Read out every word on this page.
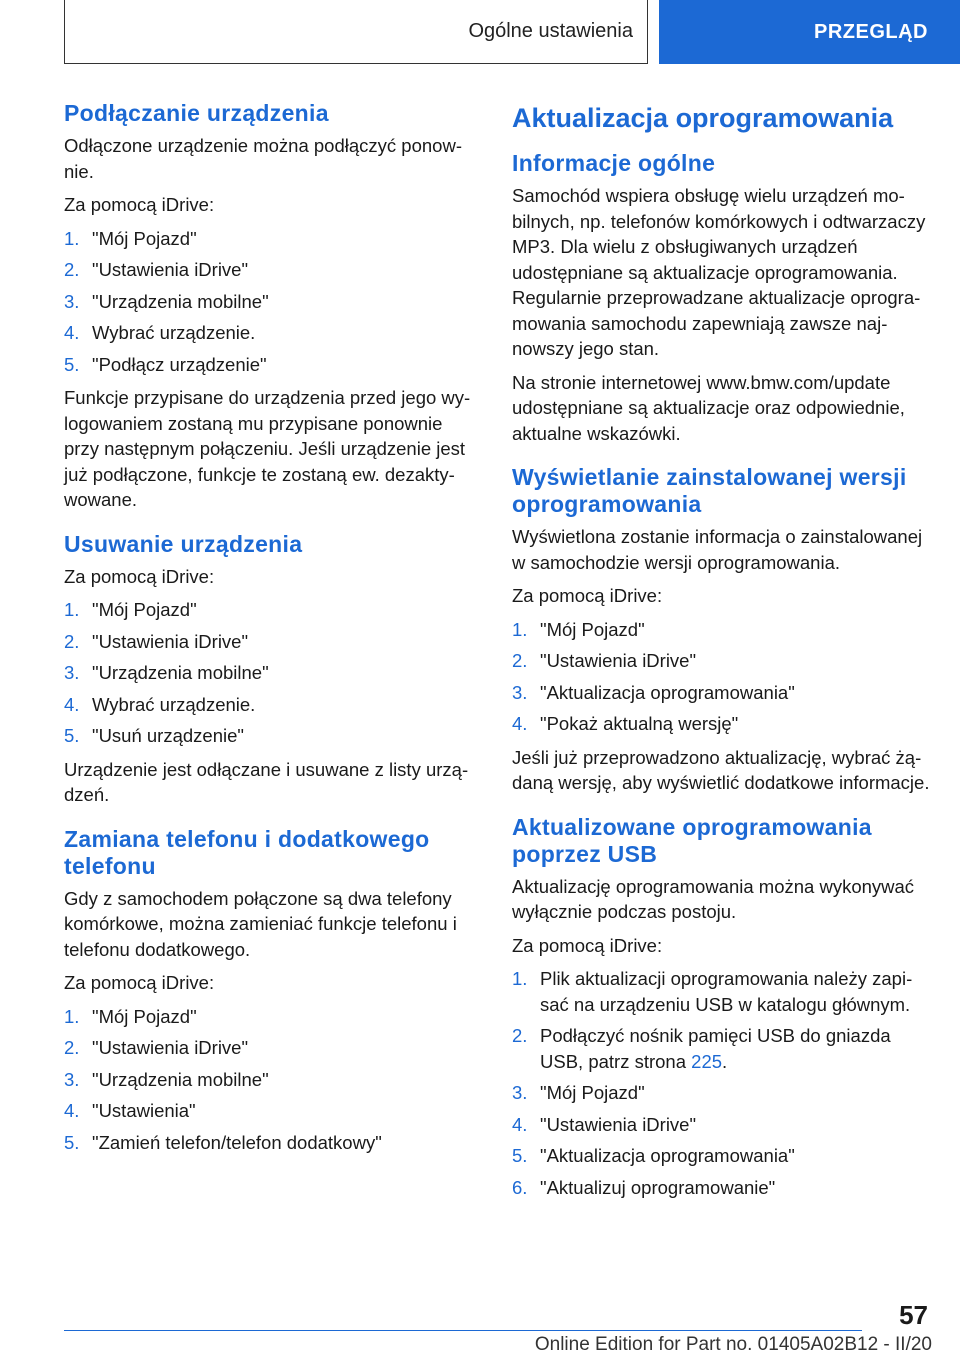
Ogólne ustawienia	PRZEGLĄD
Podłączanie urządzenia

Odłączone urządzenie można podłączyć ponownie.

Za pomocą iDrive:

1. "Mój Pojazd"
2. "Ustawienia iDrive"
3. "Urządzenia mobilne"
4. Wybrać urządzenie.
5. "Podłącz urządzenie"

Funkcje przypisane do urządzenia przed jego wylogowaniem zostaną mu przypisane ponownie przy następnym połączeniu. Jeśli urządzenie jest już podłączone, funkcje te zostaną ew. dezaktywowane.

Usuwanie urządzenia

Za pomocą iDrive:

1. "Mój Pojazd"
2. "Ustawienia iDrive"
3. "Urządzenia mobilne"
4. Wybrać urządzenie.
5. "Usuń urządzenie"

Urządzenie jest odłączane i usuwane z listy urządzeń.

Zamiana telefonu i dodatkowego telefonu

Gdy z samochodem połączone są dwa telefony komórkowe, można zamieniać funkcje telefonu i telefonu dodatkowego.

Za pomocą iDrive:

1. "Mój Pojazd"
2. "Ustawienia iDrive"
3. "Urządzenia mobilne"
4. "Ustawienia"
5. "Zamień telefon/telefon dodatkowy"
Aktualizacja oprogramowania
Informacje ogólne

Samochód wspiera obsługę wielu urządzeń mobilnych, np. telefonów komórkowych i odtwarzaczy MP3. Dla wielu z obsługiwanych urządzeń udostępniane są aktualizacje oprogramowania. Regularnie przeprowadzane aktualizacje oprogramowania samochodu zapewniają zawsze najnowszy jego stan.

Na stronie internetowej www.bmw.com/update udostępniane są aktualizacje oraz odpowiednie, aktualne wskazówki.

Wyświetlanie zainstalowanej wersji oprogramowania

Wyświetlona zostanie informacja o zainstalowanej w samochodzie wersji oprogramowania.

Za pomocą iDrive:

1. "Mój Pojazd"
2. "Ustawienia iDrive"
3. "Aktualizacja oprogramowania"
4. "Pokaż aktualną wersję"

Jeśli już przeprowadzono aktualizację, wybrać żądaną wersję, aby wyświetlić dodatkowe informacje.

Aktualizowane oprogramowania poprzez USB

Aktualizację oprogramowania można wykonywać wyłącznie podczas postoju.

Za pomocą iDrive:

1. Plik aktualizacji oprogramowania należy zapisać na urządzeniu USB w katalogu głównym.
2. Podłączyć nośnik pamięci USB do gniazda USB, patrz strona 225.
3. "Mój Pojazd"
4. "Ustawienia iDrive"
5. "Aktualizacja oprogramowania"
6. "Aktualizuj oprogramowanie"
57
Online Edition for Part no. 01405A02B12 - II/20
